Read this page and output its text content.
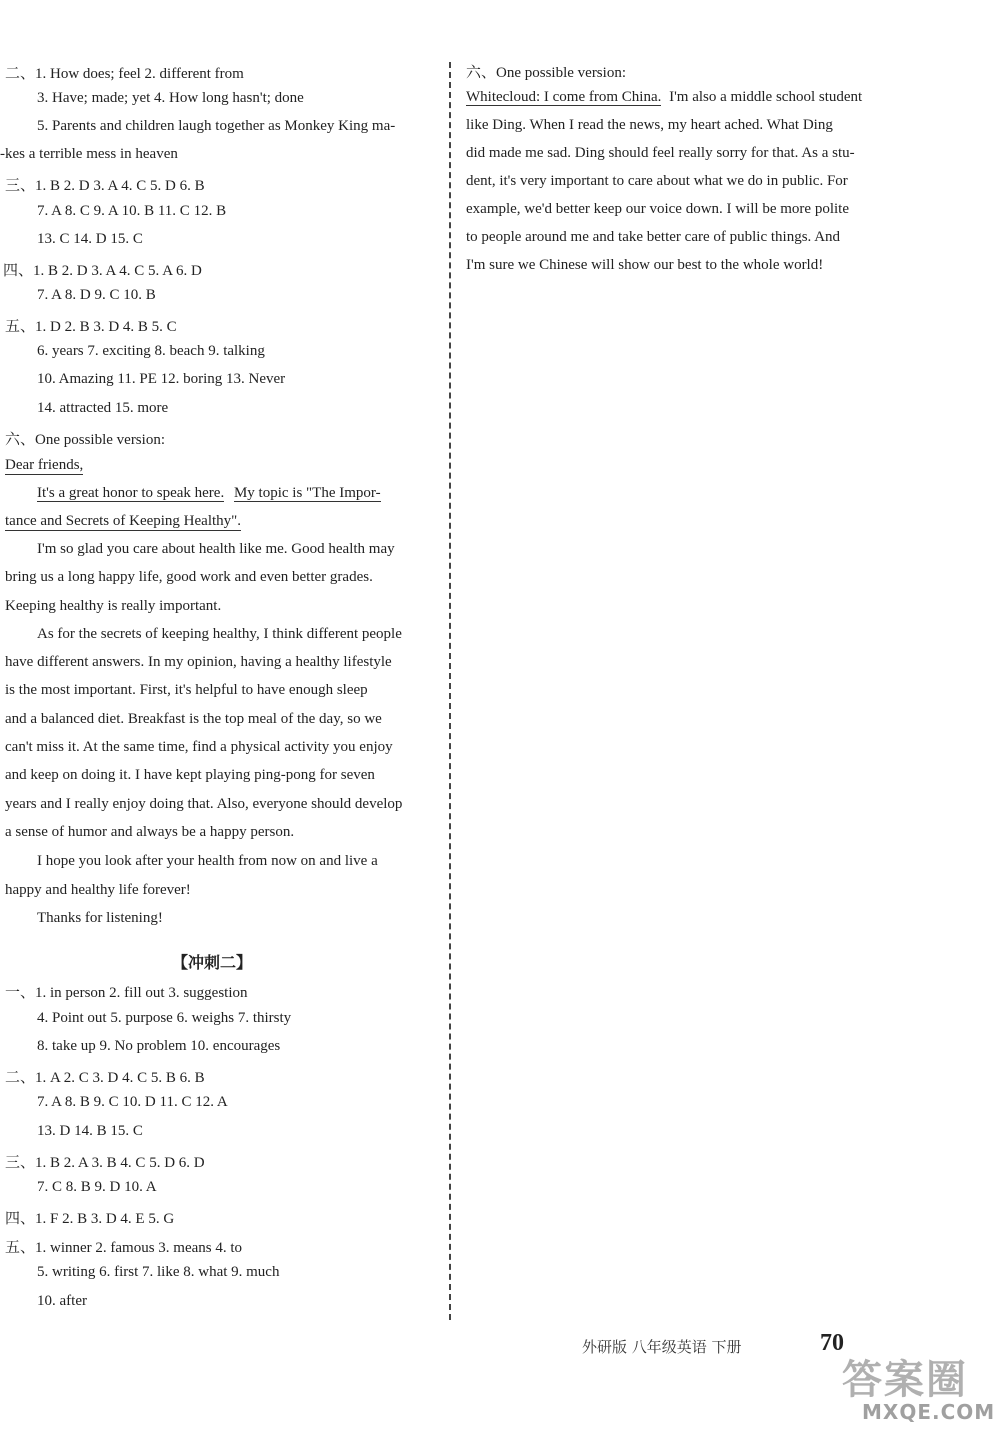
二、1. How does; feel 2. different from
3. Have; made; yet 4. How long hasn't; done
5. Parents and children laugh together as Monkey King ma-
-kes a terrible mess in heaven
三、1. B 2. D 3. A 4. C 5. D 6. B
7. A 8. C 9. A 10. B 11. C 12. B
13. C 14. D 15. C
四、1. B 2. D 3. A 4. C 5. A 6. D
7. A 8. D 9. C 10. B
五、1. D 2. B 3. D 4. B 5. C
6. years 7. exciting 8. beach 9. talking
10. Amazing 11. PE 12. boring 13. Never
14. attracted 15. more
六、One possible version:
Dear friends,
It's a great honor to speak here. My topic is "The Impor-
tance and Secrets of Keeping Healthy".
I'm so glad you care about health like me. Good health may
bring us a long happy life, good work and even better grades.
Keeping healthy is really important.
As for the secrets of keeping healthy, I think different people
have different answers. In my opinion, having a healthy lifestyle
is the most important. First, it's helpful to have enough sleep
and a balanced diet. Breakfast is the top meal of the day, so we
can't miss it. At the same time, find a physical activity you enjoy
and keep on doing it. I have kept playing ping-pong for seven
years and I really enjoy doing that. Also, everyone should develop
a sense of humor and always be a happy person.
I hope you look after your health from now on and live a
happy and healthy life forever!
Thanks for listening!
【冲刺二】
一、1. in person 2. fill out 3. suggestion
4. Point out 5. purpose 6. weighs 7. thirsty
8. take up 9. No problem 10. encourages
二、1. A 2. C 3. D 4. C 5. B 6. B
7. A 8. B 9. C 10. D 11. C 12. A
13. D 14. B 15. C
三、1. B 2. A 3. B 4. C 5. D 6. D
7. C 8. B 9. D 10. A
四、1. F 2. B 3. D 4. E 5. G
五、1. winner 2. famous 3. means 4. to
5. writing 6. first 7. like 8. what 9. much
10. after
六、One possible version:
Whitecloud: I come from China. I'm also a middle school student
like Ding. When I read the news, my heart ached. What Ding
did made me sad. Ding should feel really sorry for that. As a stu-
dent, it's very important to care about what we do in public. For
example, we'd better keep our voice down. I will be more polite
to people around me and take better care of public things. And
I'm sure we Chinese will show our best to the whole world!
外研版 八年级英语 下册	70
答案圈
MXQE.COM
